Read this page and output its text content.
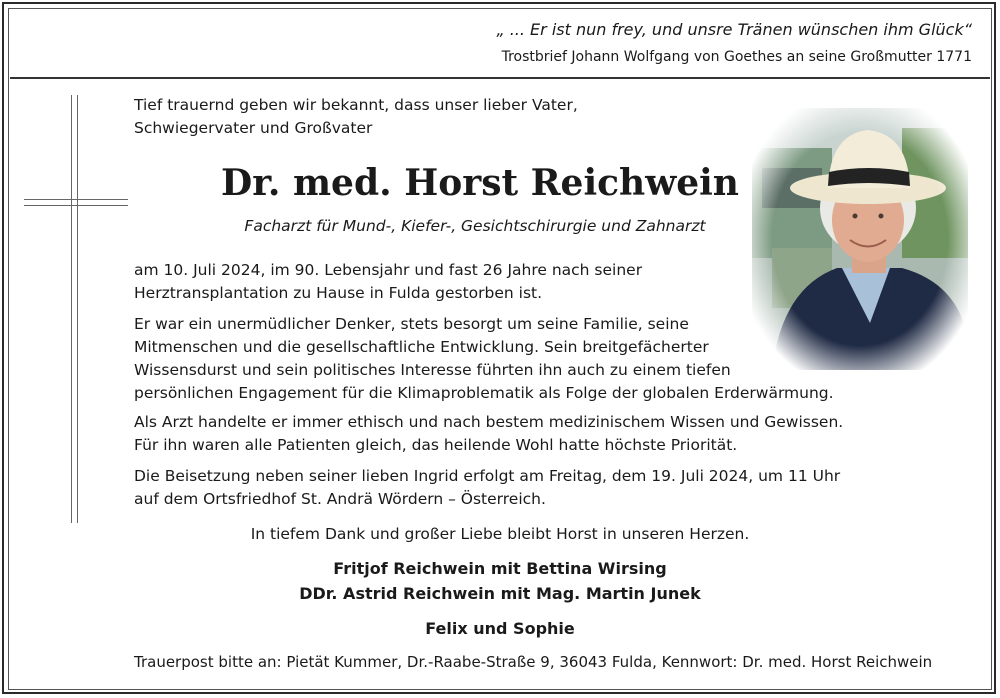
„ ... Er ist nun frey, und unsre Tränen wünschen ihm Glück“
Trostbrief Johann Wolfgang von Goethes an seine Großmutter 1771
Tief trauernd geben wir bekannt, dass unser lieber Vater,
Schwiegervater und Großvater
Dr. med. Horst Reichwein
Facharzt für Mund-, Kiefer-, Gesichtschirurgie und Zahnarzt
am 10. Juli 2024, im 90. Lebensjahr und fast 26 Jahre nach seiner
Herztransplantation zu Hause in Fulda gestorben ist.
Er war ein unermüdlicher Denker, stets besorgt um seine Familie, seine
Mitmenschen und die gesellschaftliche Entwicklung. Sein breitgefächerter
Wissensdurst und sein politisches Interesse führten ihn auch zu einem tiefen
persönlichen Engagement für die Klimaproblematik als Folge der globalen Erderwärmung.
Als Arzt handelte er immer ethisch und nach bestem medizinischem Wissen und Gewissen.
Für ihn waren alle Patienten gleich, das heilende Wohl hatte höchste Priorität.
Die Beisetzung neben seiner lieben Ingrid erfolgt am Freitag, dem 19. Juli 2024, um 11 Uhr
auf dem Ortsfriedhof St. Andrä Wördern – Österreich.
In tiefem Dank und großer Liebe bleibt Horst in unseren Herzen.
Fritjof Reichwein mit Bettina Wirsing
DDr. Astrid Reichwein mit Mag. Martin Junek
Felix und Sophie
Trauerpost bitte an: Pietät Kummer, Dr.-Raabe-Straße 9, 36043 Fulda, Kennwort: Dr. med. Horst Reichwein
